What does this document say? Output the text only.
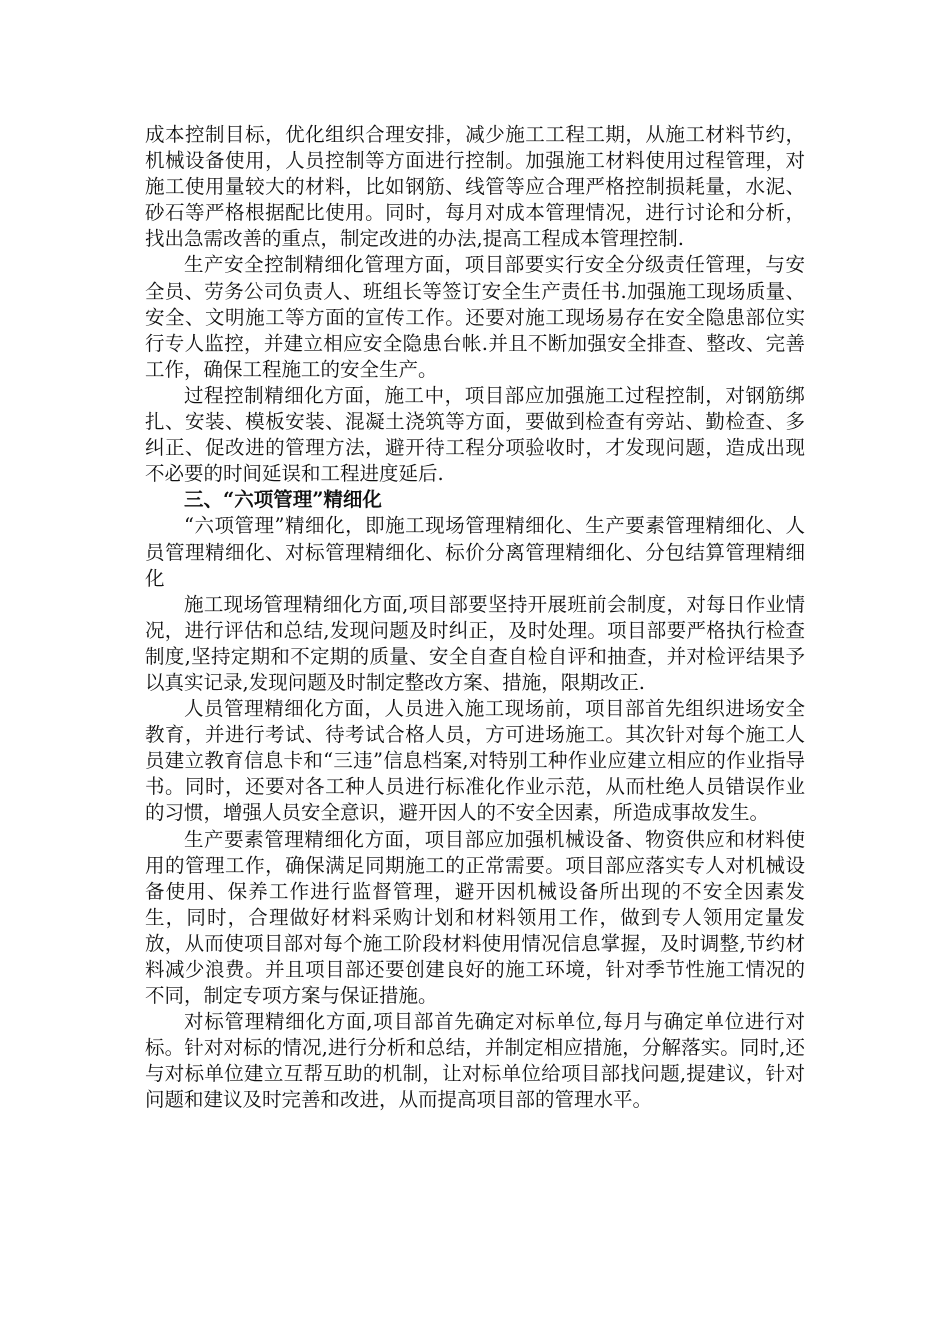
成本控制目标，优化组织合理安排，减少施工工程工期，从施工材料节约，机械设备使用，人员控制等方面进行控制。加强施工材料使用过程管理，对施工使用量较大的材料，比如钢筋、线管等应合理严格控制损耗量，水泥、砂石等严格根据配比使用。同时，每月对成本管理情况，进行讨论和分析，找出急需改善的重点，制定改进的办法,提高工程成本管理控制.

生产安全控制精细化管理方面，项目部要实行安全分级责任管理，与安全员、劳务公司负责人、班组长等签订安全生产责任书.加强施工现场质量、安全、文明施工等方面的宣传工作。还要对施工现场易存在安全隐患部位实行专人监控，并建立相应安全隐患台帐.并且不断加强安全排查、整改、完善工作，确保工程施工的安全生产。

过程控制精细化方面，施工中，项目部应加强施工过程控制，对钢筋绑扎、安装、模板安装、混凝土浇筑等方面，要做到检查有旁站、勤检查、多纠正、促改进的管理方法，避开待工程分项验收时，才发现问题，造成出现不必要的时间延误和工程进度延后.

三、“六项管理”精细化

“六项管理”精细化，即施工现场管理精细化、生产要素管理精细化、人员管理精细化、对标管理精细化、标价分离管理精细化、分包结算管理精细化

施工现场管理精细化方面,项目部要坚持开展班前会制度，对每日作业情况，进行评估和总结,发现问题及时纠正，及时处理。项目部要严格执行检查制度,坚持定期和不定期的质量、安全自查自检自评和抽查，并对检评结果予以真实记录,发现问题及时制定整改方案、措施，限期改正.

人员管理精细化方面，人员进入施工现场前，项目部首先组织进场安全教育，并进行考试、待考试合格人员，方可进场施工。其次针对每个施工人员建立教育信息卡和“三违”信息档案,对特别工种作业应建立相应的作业指导书。同时，还要对各工种人员进行标准化作业示范，从而杜绝人员错误作业的习惯，增强人员安全意识，避开因人的不安全因素，所造成事故发生。

生产要素管理精细化方面，项目部应加强机械设备、物资供应和材料使用的管理工作，确保满足同期施工的正常需要。项目部应落实专人对机械设备使用、保养工作进行监督管理，避开因机械设备所出现的不安全因素发生，同时，合理做好材料采购计划和材料领用工作，做到专人领用定量发放，从而使项目部对每个施工阶段材料使用情况信息掌握，及时调整,节约材料减少浪费。并且项目部还要创建良好的施工环境，针对季节性施工情况的不同，制定专项方案与保证措施。

对标管理精细化方面,项目部首先确定对标单位,每月与确定单位进行对标。针对对标的情况,进行分析和总结，并制定相应措施，分解落实。同时,还与对标单位建立互帮互助的机制，让对标单位给项目部找问题,提建议，针对问题和建议及时完善和改进，从而提高项目部的管理水平。
